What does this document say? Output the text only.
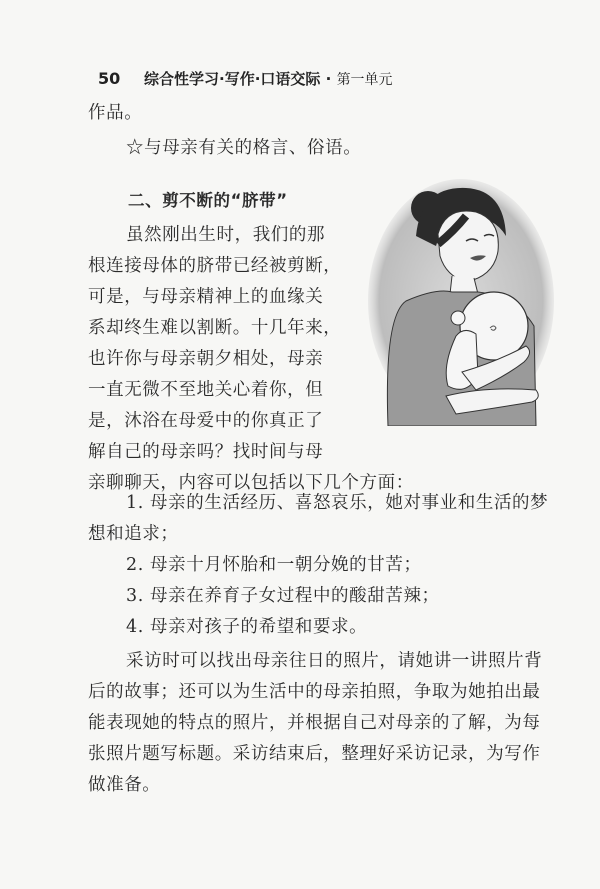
50 综合性学习·写作·口语交际 · 第一单元
作品。
☆与母亲有关的格言、俗语。
二、剪不断的“脐带”
虽然刚出生时，我们的那
根连接母体的脐带已经被剪断，
可是，与母亲精神上的血缘关
系却终生难以割断。十几年来，
也许你与母亲朝夕相处，母亲
一直无微不至地关心着你，但
是，沐浴在母爱中的你真正了
解自己的母亲吗？找时间与母
亲聊聊天，内容可以包括以下几个方面：
1. 母亲的生活经历、喜怒哀乐，她对事业和生活的梦
想和追求；
2. 母亲十月怀胎和一朝分娩的甘苦；
3. 母亲在养育子女过程中的酸甜苦辣；
4. 母亲对孩子的希望和要求。
采访时可以找出母亲往日的照片，请她讲一讲照片背
后的故事；还可以为生活中的母亲拍照，争取为她拍出最
能表现她的特点的照片，并根据自己对母亲的了解，为每
张照片题写标题。采访结束后，整理好采访记录，为写作
做准备。
